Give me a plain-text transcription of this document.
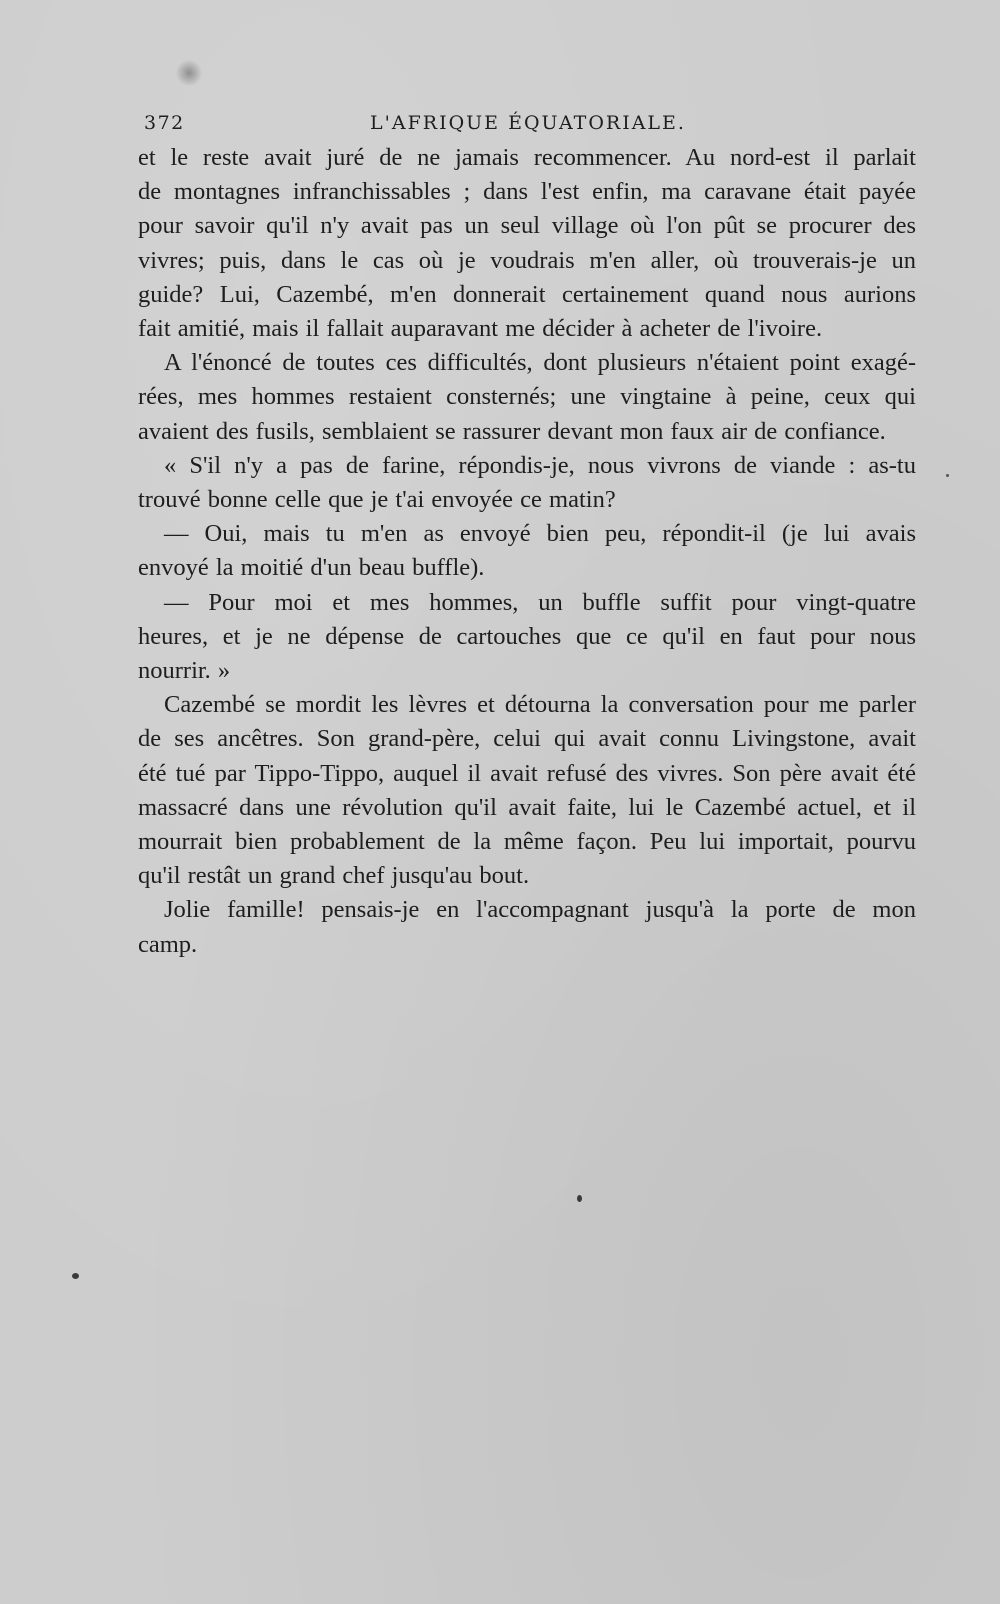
372	L'AFRIQUE ÉQUATORIALE.
et le reste avait juré de ne jamais recommencer. Au nord-est il parlait
de montagnes infranchissables ; dans l'est enfin, ma caravane était payée
pour savoir qu'il n'y avait pas un seul village où l'on pût se procurer des
vivres; puis, dans le cas où je voudrais m'en aller, où trouverais-je un
guide? Lui, Cazembé, m'en donnerait certainement quand nous aurions
fait amitié, mais il fallait auparavant me décider à acheter de l'ivoire.
A l'énoncé de toutes ces difficultés, dont plusieurs n'étaient point exagé-
rées, mes hommes restaient consternés; une vingtaine à peine, ceux qui
avaient des fusils, semblaient se rassurer devant mon faux air de confiance.
« S'il n'y a pas de farine, répondis-je, nous vivrons de viande : as-tu
trouvé bonne celle que je t'ai envoyée ce matin?
— Oui, mais tu m'en as envoyé bien peu, répondit-il (je lui avais
envoyé la moitié d'un beau buffle).
— Pour moi et mes hommes, un buffle suffit pour vingt-quatre
heures, et je ne dépense de cartouches que ce qu'il en faut pour nous
nourrir. »
Cazembé se mordit les lèvres et détourna la conversation pour me parler
de ses ancêtres. Son grand-père, celui qui avait connu Livingstone, avait
été tué par Tippo-Tippo, auquel il avait refusé des vivres. Son père avait été
massacré dans une révolution qu'il avait faite, lui le Cazembé actuel, et il
mourrait bien probablement de la même façon. Peu lui importait, pourvu
qu'il restât un grand chef jusqu'au bout.
Jolie famille! pensais-je en l'accompagnant jusqu'à la porte de mon
camp.
